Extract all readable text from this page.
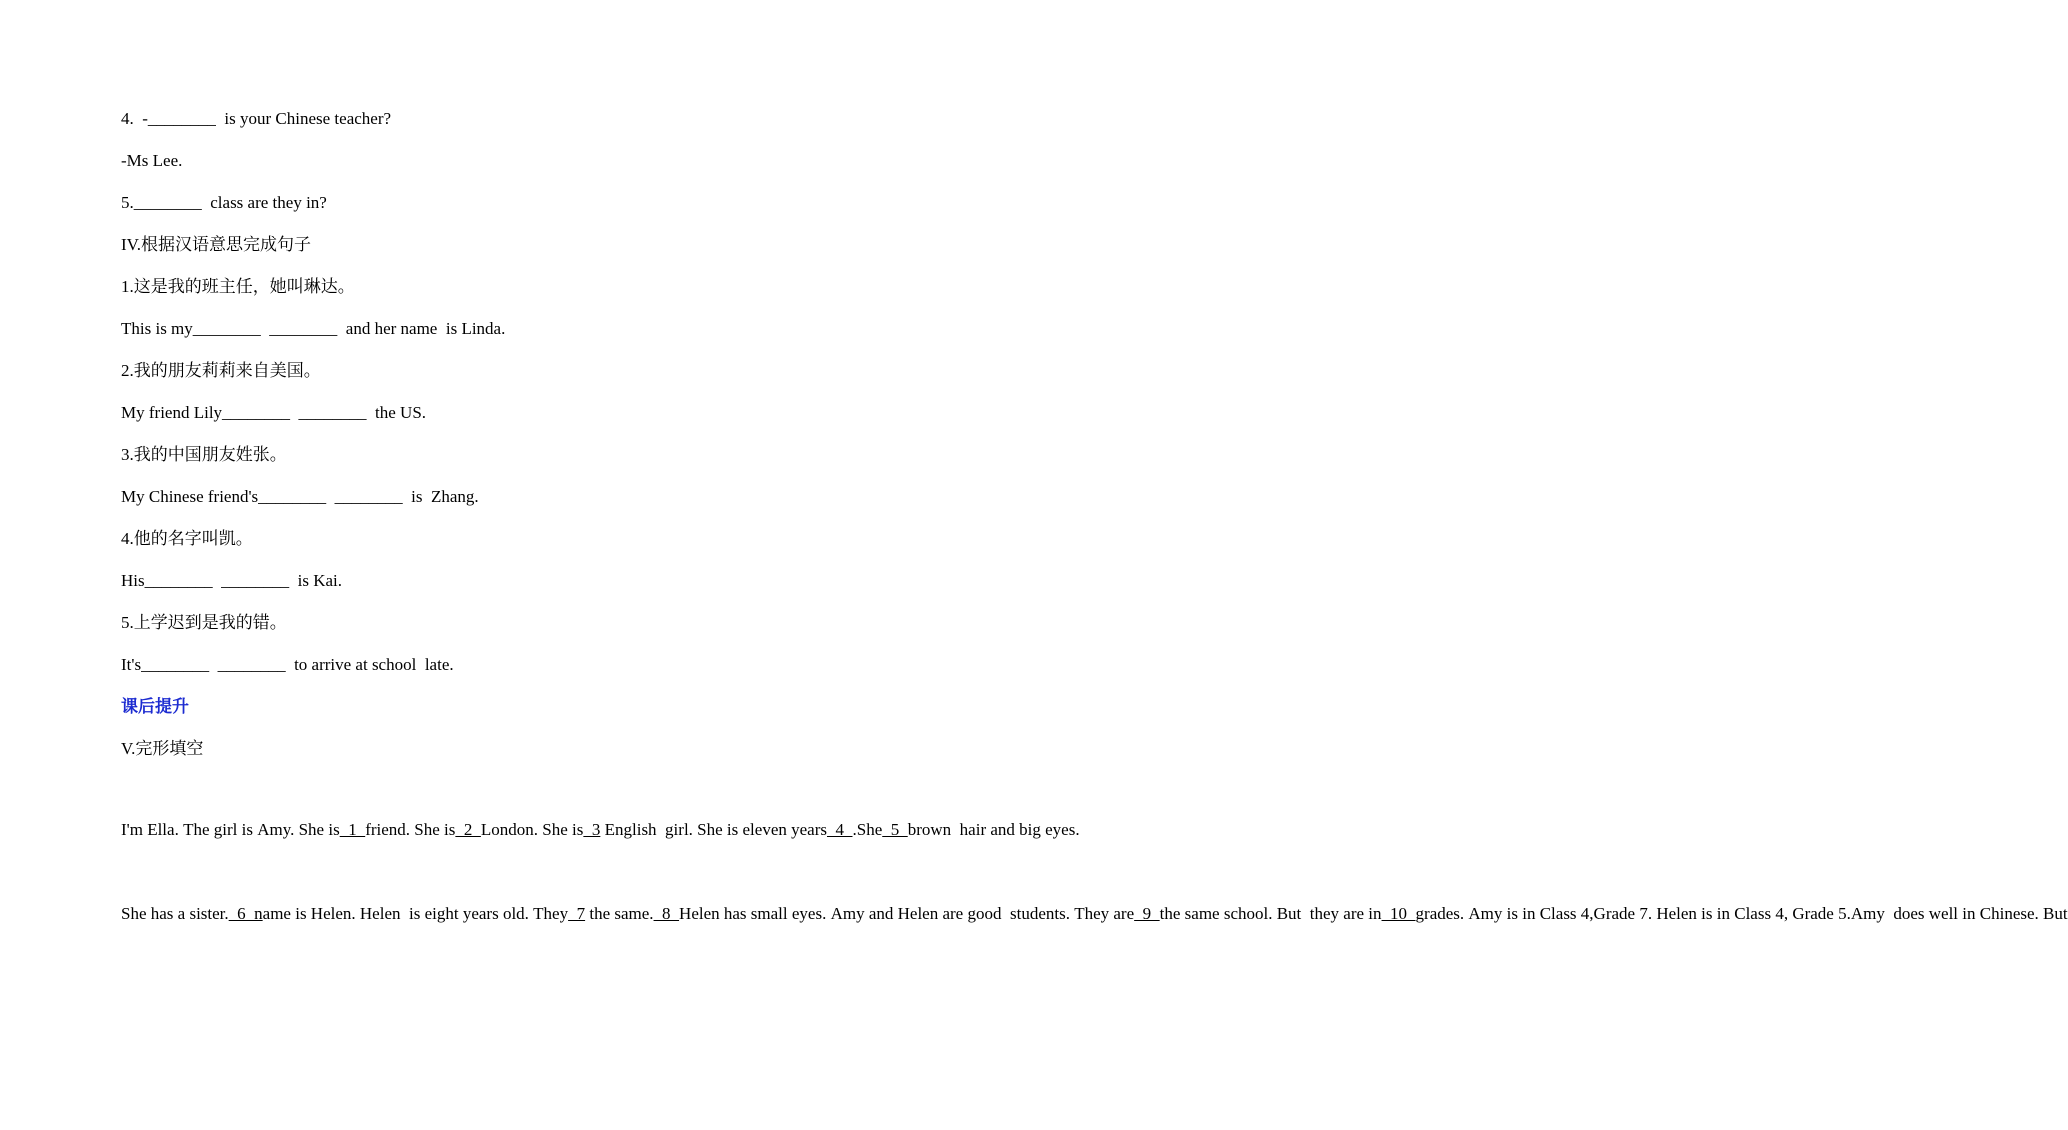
4.  -________  is your Chinese teacher?
-Ms Lee.
5.________  class are they in?
IV.根据汉语意思完成句子
1.这是我的班主任，她叫琳达。
This is my________  ________  and her name  is Linda.
2.我的朋友莉莉来自美国。
My friend Lily________  ________  the US.
3.我的中国朋友姓张。
My Chinese friend's________  ________  is  Zhang.
4.他的名字叫凯。
His________  ________  is Kai.
5.上学迟到是我的错。
It's________  ________  to arrive at school  late.
课后提升
V.完形填空
I'm Ella. The girl is Amy. She is  1  friend. She is  2  London. She is  3 English  girl. She is eleven years  4  .She  5  brown  hair and big eyes.
She has a sister.  6  name is Helen. Helen  is eight years old. They  7 the same.  8  Helen has small eyes. Amy and Helen are good  students. They are  9  the same school. But  they are in  10  grades. Amy is in Class 4,Grade 7. Helen is in Class 4, Grade 5.Amy  does well in Chinese. But
